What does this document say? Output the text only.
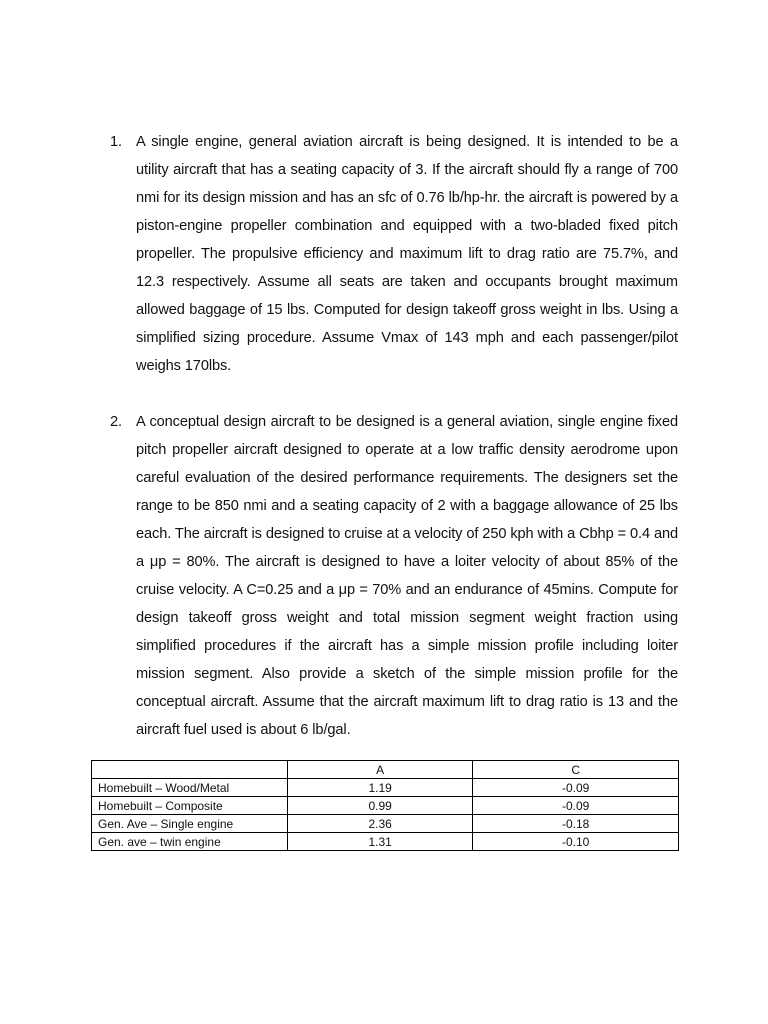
1. A single engine, general aviation aircraft is being designed. It is intended to be a utility aircraft that has a seating capacity of 3. If the aircraft should fly a range of 700 nmi for its design mission and has an sfc of 0.76 lb/hp-hr. the aircraft is powered by a piston-engine propeller combination and equipped with a two-bladed fixed pitch propeller. The propulsive efficiency and maximum lift to drag ratio are 75.7%, and 12.3 respectively. Assume all seats are taken and occupants brought maximum allowed baggage of 15 lbs. Computed for design takeoff gross weight in lbs. Using a simplified sizing procedure. Assume Vmax of 143 mph and each passenger/pilot weighs 170lbs.
2. A conceptual design aircraft to be designed is a general aviation, single engine fixed pitch propeller aircraft designed to operate at a low traffic density aerodrome upon careful evaluation of the desired performance requirements. The designers set the range to be 850 nmi and a seating capacity of 2 with a baggage allowance of 25 lbs each. The aircraft is designed to cruise at a velocity of 250 kph with a Cbhp = 0.4 and a μp = 80%. The aircraft is designed to have a loiter velocity of about 85% of the cruise velocity. A C=0.25 and a μp = 70% and an endurance of 45mins. Compute for design takeoff gross weight and total mission segment weight fraction using simplified procedures if the aircraft has a simple mission profile including loiter mission segment. Also provide a sketch of the simple mission profile for the conceptual aircraft. Assume that the aircraft maximum lift to drag ratio is 13 and the aircraft fuel used is about 6 lb/gal.
	A	C
Homebuilt – Wood/Metal	1.19	-0.09
Homebuilt – Composite	0.99	-0.09
Gen. Ave – Single engine	2.36	-0.18
Gen. ave – twin engine	1.31	-0.10
